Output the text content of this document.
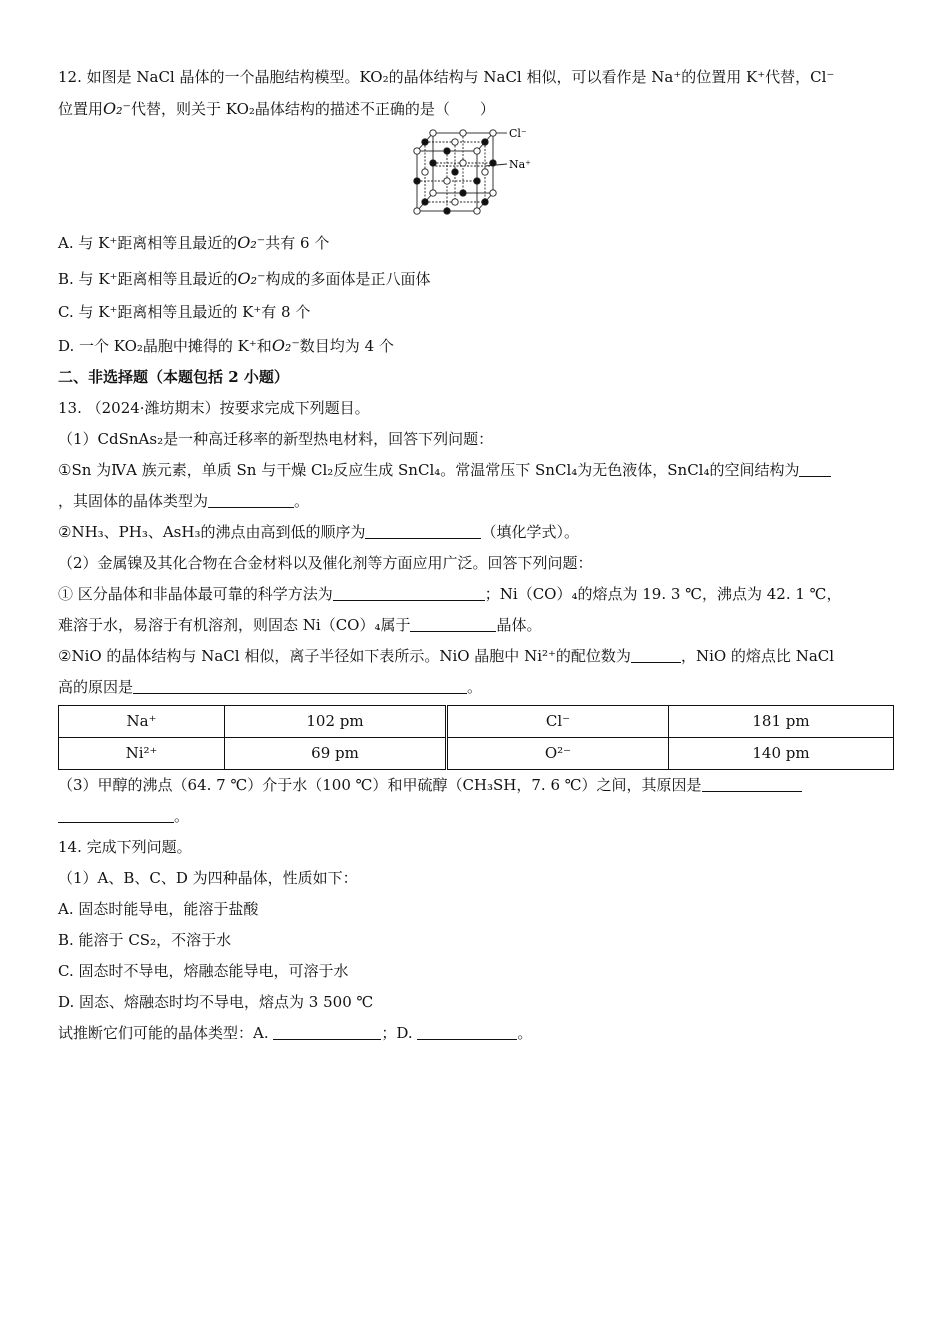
12. 如图是 NaCl 晶体的一个晶胞结构模型。KO₂的晶体结构与 NaCl 相似，可以看作是 Na⁺的位置用 K⁺代替，Cl⁻
位置用O₂⁻代替，则关于 KO₂晶体结构的描述不正确的是（　　）
Cl⁻
Na⁺
A. 与 K⁺距离相等且最近的O₂⁻共有 6 个
B. 与 K⁺距离相等且最近的O₂⁻构成的多面体是正八面体
C. 与 K⁺距离相等且最近的 K⁺有 8 个
D. 一个 KO₂晶胞中摊得的 K⁺和O₂⁻数目均为 4 个
二、非选择题（本题包括 2 小题）
13. （2024·潍坊期末）按要求完成下列题目。
（1）CdSnAs₂是一种高迁移率的新型热电材料，回答下列问题：
①Sn 为ⅣA 族元素，单质 Sn 与干燥 Cl₂反应生成 SnCl₄。常温常压下 SnCl₄为无色液体，SnCl₄的空间结构为
，其固体的晶体类型为	。
②NH₃、PH₃、AsH₃的沸点由高到低的顺序为	（填化学式）。
（2）金属镍及其化合物在合金材料以及催化剂等方面应用广泛。回答下列问题：
① 区分晶体和非晶体最可靠的科学方法为	；Ni（CO）₄的熔点为 19. 3 ℃，沸点为 42. 1 ℃，
难溶于水，易溶于有机溶剂，则固态 Ni（CO）₄属于	晶体。
②NiO 的晶体结构与 NaCl 相似，离子半径如下表所示。NiO 晶胞中 Ni²⁺的配位数为	，NiO 的熔点比 NaCl
高的原因是	。
Na⁺	102 pm	Cl⁻	181 pm
Ni²⁺	69 pm	O²⁻	140 pm
（3）甲醇的沸点（64. 7 ℃）介于水（100 ℃）和甲硫醇（CH₃SH，7. 6 ℃）之间，其原因是
。
14. 完成下列问题。
（1）A、B、C、D 为四种晶体，性质如下：
A. 固态时能导电，能溶于盐酸
B. 能溶于 CS₂，不溶于水
C. 固态时不导电，熔融态能导电，可溶于水
D. 固态、熔融态时均不导电，熔点为 3 500 ℃
试推断它们可能的晶体类型：A.	；D.	。
